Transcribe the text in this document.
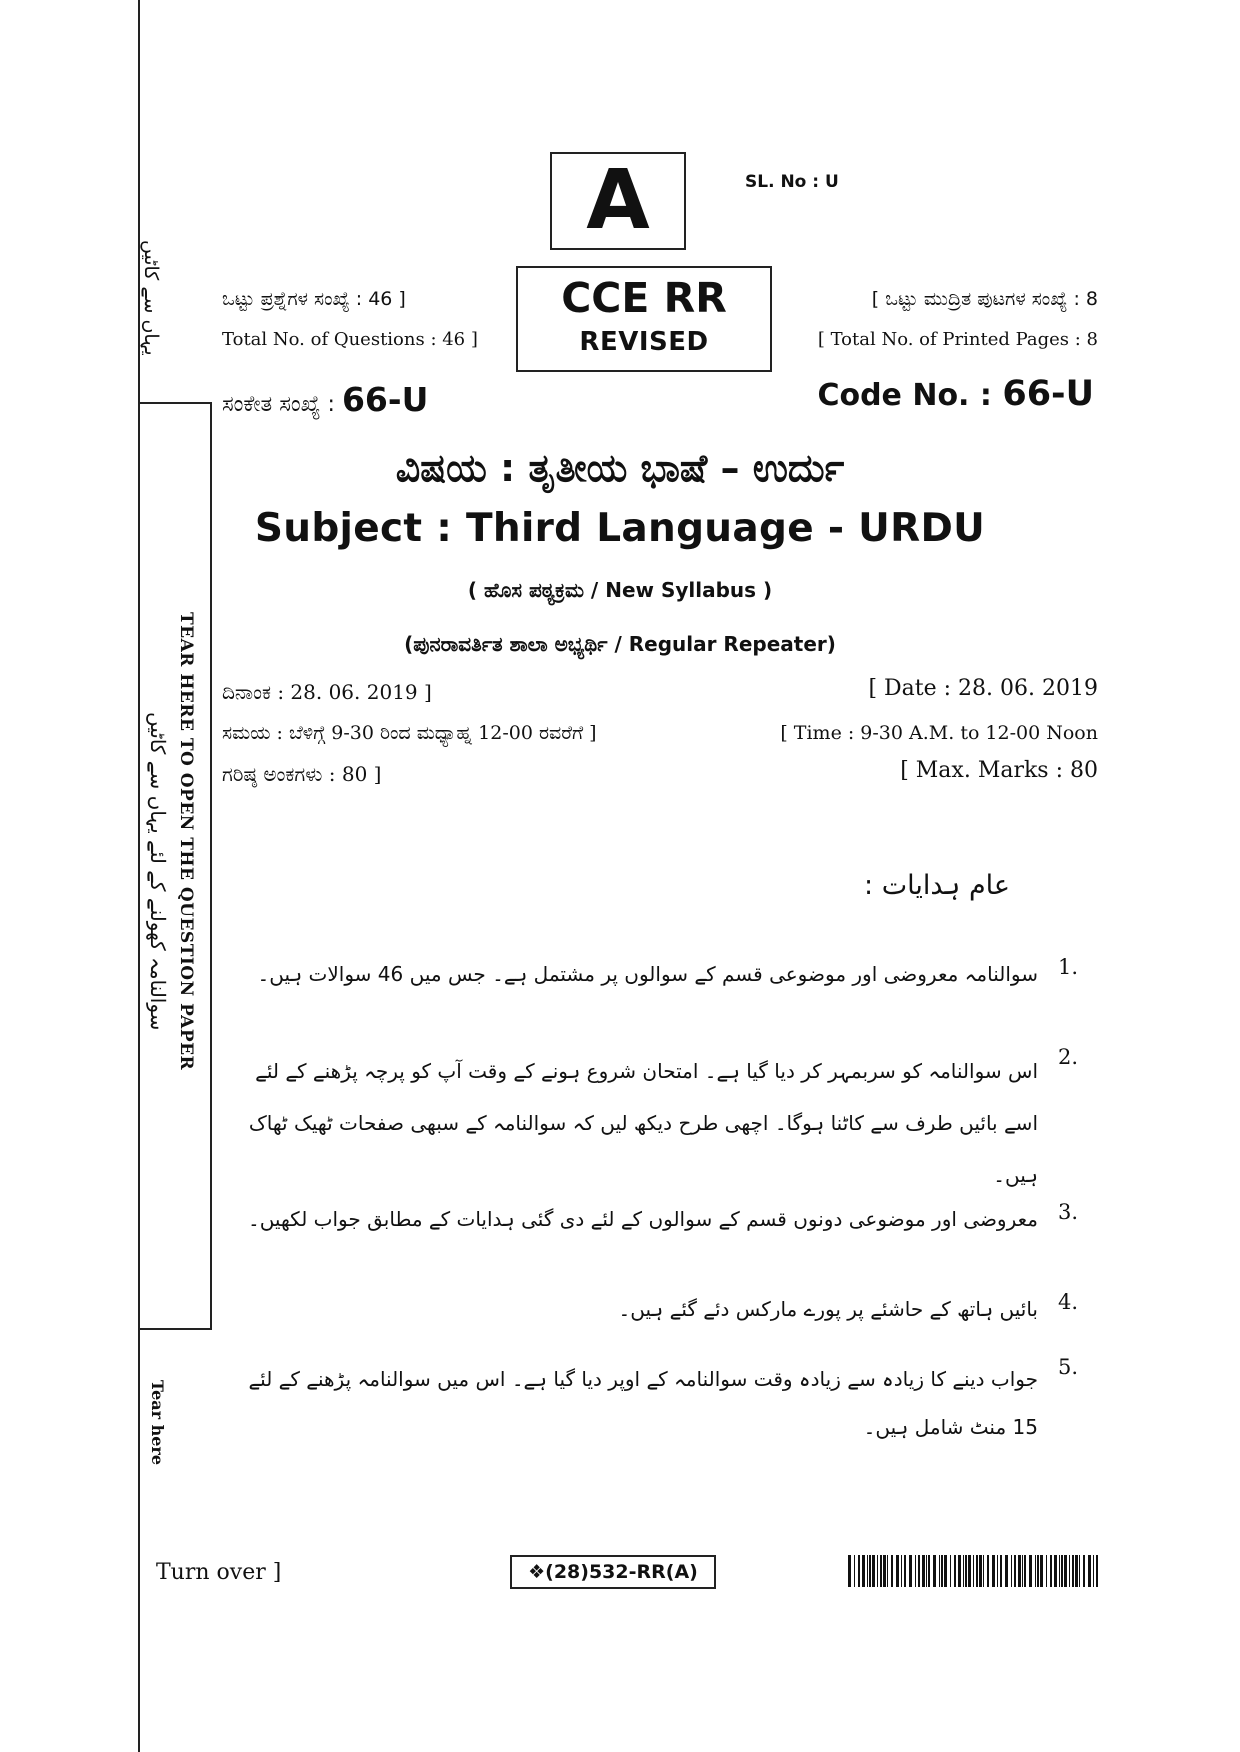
یہاں سے کاٹیں
TEAR HERE TO OPEN THE QUESTION PAPER
سوالنامہ کھولنے کے لئے یہاں سے کاٹیں
Tear here
A	SL. No : U
CCE RR
REVISED
ಒಟ್ಟು ಪ್ರಶ್ನೆಗಳ ಸಂಖ್ಯೆ : 46 ]
Total No. of Questions : 46 ]
[ ಒಟ್ಟು ಮುದ್ರಿತ ಪುಟಗಳ ಸಂಖ್ಯೆ : 8
[ Total No. of Printed Pages : 8
ಸಂಕೇತ ಸಂಖ್ಯೆ : 66-U	Code No. : 66-U
ವಿಷಯ : ತೃತೀಯ ಭಾಷೆ – ಉರ್ದು
Subject : Third Language - URDU
( ಹೊಸ ಪಠ್ಯಕ್ರಮ / New Syllabus )
(ಪುನರಾವರ್ತಿತ ಶಾಲಾ ಅಭ್ಯರ್ಥಿ / Regular Repeater)
ದಿನಾಂಕ : 28. 06. 2019 ]	[ Date : 28. 06. 2019
ಸಮಯ : ಬೆಳಿಗ್ಗೆ 9-30 ರಿಂದ ಮಧ್ಯಾಹ್ನ 12-00 ರವರೆಗೆ ]	[ Time : 9-30 A.M. to 12-00 Noon
ಗರಿಷ್ಠ ಅಂಕಗಳು : 80 ]	[ Max. Marks : 80
عام ہدایات :
1.
سوالنامہ معروضی اور موضوعی قسم کے سوالوں پر مشتمل ہے۔ جس میں 46 سوالات ہیں۔
2.
اس سوالنامہ کو سربمہر کر دیا گیا ہے۔ امتحان شروع ہونے کے وقت آپ کو پرچہ پڑھنے کے لئے اسے بائیں طرف سے کاٹنا ہوگا۔ اچھی طرح دیکھ لیں کہ سوالنامہ کے سبھی صفحات ٹھیک ٹھاک ہیں۔
3.
معروضی اور موضوعی دونوں قسم کے سوالوں کے لئے دی گئی ہدایات کے مطابق جواب لکھیں۔
4.
بائیں ہاتھ کے حاشئے پر پورے مارکس دئے گئے ہیں۔
5.
جواب دینے کا زیادہ سے زیادہ وقت سوالنامہ کے اوپر دیا گیا ہے۔ اس میں سوالنامہ پڑھنے کے لئے 15 منٹ شامل ہیں۔
Turn over ]	❖(28)532-RR(A)
